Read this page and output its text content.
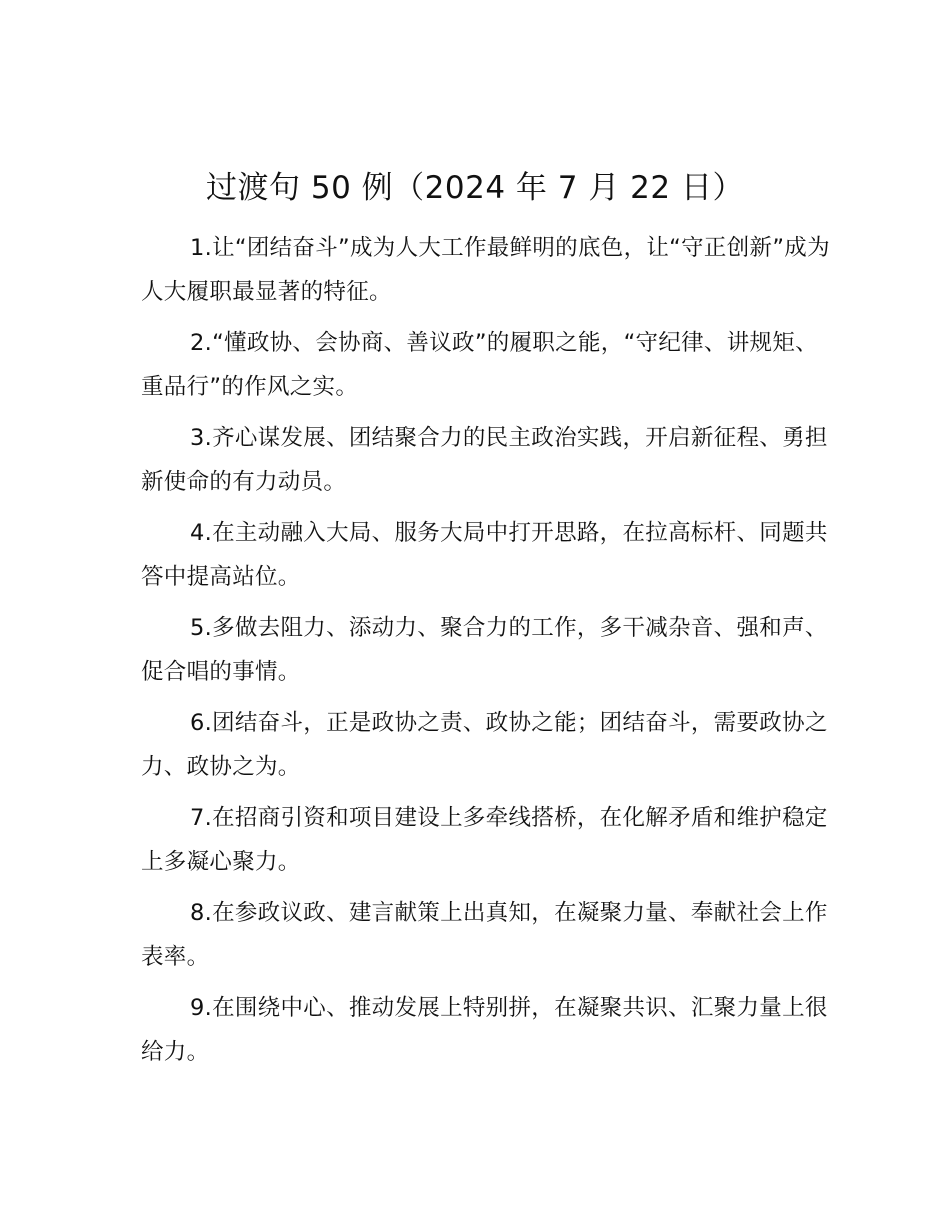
过渡句 50 例（2024 年 7 月 22 日）
1.让“团结奋斗”成为人大工作最鲜明的底色，让“守正创新”成为人大履职最显著的特征。
2.“懂政协、会协商、善议政”的履职之能，“守纪律、讲规矩、重品行”的作风之实。
3.齐心谋发展、团结聚合力的民主政治实践，开启新征程、勇担新使命的有力动员。
4.在主动融入大局、服务大局中打开思路，在拉高标杆、同题共答中提高站位。
5.多做去阻力、添动力、聚合力的工作，多干减杂音、强和声、促合唱的事情。
6.团结奋斗，正是政协之责、政协之能；团结奋斗，需要政协之力、政协之为。
7.在招商引资和项目建设上多牵线搭桥，在化解矛盾和维护稳定上多凝心聚力。
8.在参政议政、建言献策上出真知，在凝聚力量、奉献社会上作表率。
9.在围绕中心、推动发展上特别拼，在凝聚共识、汇聚力量上很给力。
